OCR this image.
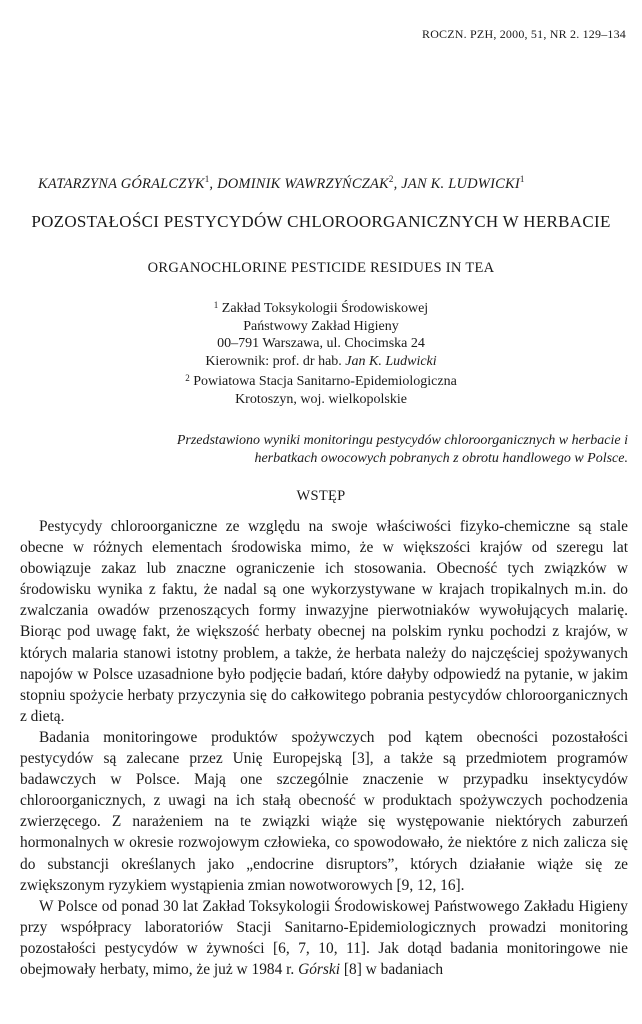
ROCZN. PZH, 2000, 51, NR 2. 129–134
KATARZYNA GÓRALCZYK$^1$, DOMINIK WAWRZYŃCZAK$^2$, JAN K. LUDWICKI$^1$
POZOSTAŁOŚCI PESTYCYDÓW CHLOROORGANICZNYCH W HERBACIE
ORGANOCHLORINE PESTICIDE RESIDUES IN TEA
$^1$ Zakład Toksykologii Środowiskowej
Państwowy Zakład Higieny
00–791 Warszawa, ul. Chocimska 24
Kierownik: prof. dr hab. Jan K. Ludwicki
$^2$ Powiatowa Stacja Sanitarno-Epidemiologiczna
Krotoszyn, woj. wielkopolskie
Przedstawiono wyniki monitoringu pestycydów chloroorganicznych w herbacie i herbatkach owocowych pobranych z obrotu handlowego w Polsce.
WSTĘP

Pestycydy chloroorganiczne ze względu na swoje właściwości fizyko-chemiczne są stale obecne w różnych elementach środowiska mimo, że w większości krajów od szeregu lat obowiązuje zakaz lub znaczne ograniczenie ich stosowania. Obecność tych związków w środowisku wynika z faktu, że nadal są one wykorzystywane w krajach tropikalnych m.in. do zwalczania owadów przenoszących formy inwazyjne pierwotniaków wywołujących malarię. Biorąc pod uwagę fakt, że większość herbaty obecnej na polskim rynku pochodzi z krajów, w których malaria stanowi istotny problem, a także, że herbata należy do najczęściej spożywanych napojów w Polsce uzasadnione było podjęcie badań, które dałyby odpowiedź na pytanie, w jakim stopniu spożycie herbaty przyczynia się do całkowitego pobrania pestycydów chloroorganicznych z dietą.

Badania monitoringowe produktów spożywczych pod kątem obecności pozostałości pestycydów są zalecane przez Unię Europejską [3], a także są przedmiotem programów badawczych w Polsce. Mają one szczególnie znaczenie w przypadku insektycydów chloroorganicznych, z uwagi na ich stałą obecność w produktach spożywczych pochodzenia zwierzęcego. Z narażeniem na te związki wiąże się występowanie niektórych zaburzeń hormonalnych w okresie rozwojowym człowieka, co spowodowało, że niektóre z nich zalicza się do substancji określanych jako „endocrine disruptors”, których działanie wiąże się ze zwiększonym ryzykiem wystąpienia zmian nowotworowych [9, 12, 16].

W Polsce od ponad 30 lat Zakład Toksykologii Środowiskowej Państwowego Zakładu Higieny przy współpracy laboratoriów Stacji Sanitarno-Epidemiologicznych prowadzi monitoring pozostałości pestycydów w żywności [6, 7, 10, 11]. Jak dotąd badania monitoringowe nie obejmowały herbaty, mimo, że już w 1984 r. Górski [8] w badaniach
